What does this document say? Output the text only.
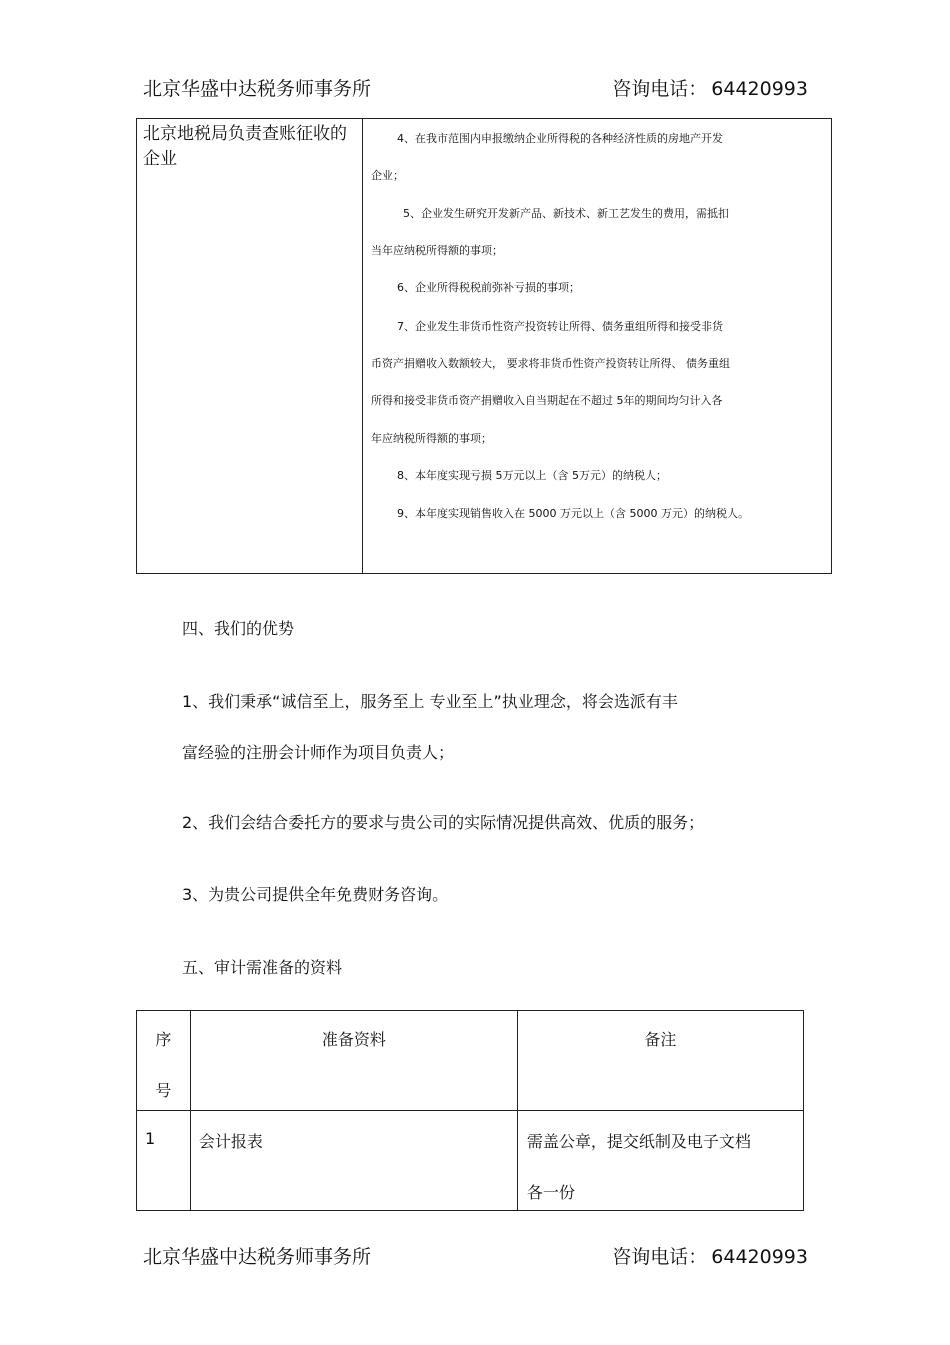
北京华盛中达税务师事务所	咨询电话： 64420993
北京地税局负责查账征收的企业
4、在我市范围内申报缴纳企业所得税的各种经济性质的房地产开发
企业；
5、企业发生研究开发新产品、新技术、新工艺发生的费用，需抵扣
当年应纳税所得额的事项；
6、企业所得税税前弥补亏损的事项；
7、企业发生非货币性资产投资转让所得、债务重组所得和接受非货
币资产捐赠收入数额较大， 要求将非货币性资产投资转让所得、 债务重组
所得和接受非货币资产捐赠收入自当期起在不超过 5年的期间均匀计入各
年应纳税所得额的事项；
8、本年度实现亏损 5万元以上（含 5万元）的纳税人；
9、本年度实现销售收入在 5000 万元以上（含 5000 万元）的纳税人。
四、我们的优势
1、我们秉承“诚信至上，服务至上 专业至上”执业理念，将会选派有丰
富经验的注册会计师作为项目负责人；
2、我们会结合委托方的要求与贵公司的实际情况提供高效、优质的服务；
3、为贵公司提供全年免费财务咨询。
五、审计需准备的资料
序
号	准备资料	备注

1	会计报表	需盖公章，提交纸制及电子文档
各一份
北京华盛中达税务师事务所	咨询电话： 64420993
